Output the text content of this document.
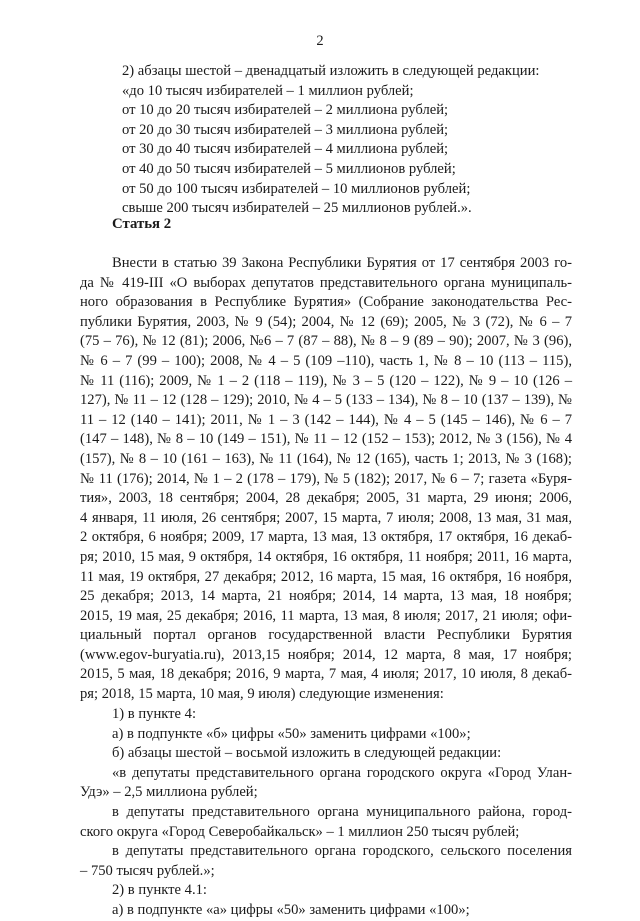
2
2) абзацы шестой – двенадцатый изложить в следующей редакции:
«до 10 тысяч избирателей – 1 миллион рублей;
от 10 до 20 тысяч избирателей – 2 миллиона рублей;
от 20 до 30 тысяч избирателей – 3 миллиона рублей;
от 30 до 40 тысяч избирателей – 4 миллиона рублей;
от 40 до 50 тысяч избирателей – 5 миллионов рублей;
от 50 до 100 тысяч избирателей – 10 миллионов рублей;
свыше 200 тысяч избирателей – 25 миллионов рублей.».
Статья 2
Внести в статью 39 Закона Республики Бурятия от 17 сентября 2003 го-
да № 419-III «О выборах депутатов представительного органа муниципаль-
ного образования в Республике Бурятия» (Собрание законодательства Рес-
публики Бурятия, 2003, № 9 (54); 2004, № 12 (69); 2005, № 3 (72), № 6 – 7
(75 – 76), № 12 (81); 2006, №6 – 7 (87 – 88), № 8 – 9 (89 – 90); 2007, № 3 (96),
№ 6 – 7 (99 – 100); 2008, № 4 – 5 (109 –110), часть 1, № 8 – 10 (113 – 115),
№ 11 (116); 2009, № 1 – 2 (118 – 119), № 3 – 5 (120 – 122), № 9 – 10 (126 –
127), № 11 – 12 (128 – 129); 2010, № 4 – 5 (133 – 134), № 8 – 10 (137 – 139), №
11 – 12 (140 – 141); 2011, № 1 – 3 (142 – 144), № 4 – 5 (145 – 146), № 6 – 7
(147 – 148), № 8 – 10 (149 – 151), № 11 – 12 (152 – 153); 2012, № 3 (156), № 4
(157), № 8 – 10 (161 – 163), № 11 (164), № 12 (165), часть 1; 2013, № 3 (168);
№ 11 (176); 2014, № 1 – 2 (178 – 179), № 5 (182); 2017, № 6 – 7; газета «Буря-
тия», 2003, 18 сентября; 2004, 28 декабря; 2005, 31 марта, 29 июня; 2006,
4 января, 11 июля, 26 сентября; 2007, 15 марта, 7 июля; 2008, 13 мая, 31 мая,
2 октября, 6 ноября; 2009, 17 марта, 13 мая, 13 октября, 17 октября, 16 декаб-
ря; 2010, 15 мая, 9 октября, 14 октября, 16 октября, 11 ноября; 2011, 16 марта,
11 мая, 19 октября, 27 декабря; 2012, 16 марта, 15 мая, 16 октября, 16 ноября,
25 декабря; 2013, 14 марта, 21 ноября; 2014, 14 марта, 13 мая, 18 ноября;
2015, 19 мая, 25 декабря; 2016, 11 марта, 13 мая, 8 июля; 2017, 21 июля; офи-
циальный портал органов государственной власти Республики Бурятия
(www.egov-buryatia.ru), 2013,15 ноября; 2014, 12 марта, 8 мая, 17 ноября;
2015, 5 мая, 18 декабря; 2016, 9 марта, 7 мая, 4 июля; 2017, 10 июля, 8 декаб-
ря; 2018, 15 марта, 10 мая, 9 июля) следующие изменения:
1) в пункте 4:
а) в подпункте «б» цифры «50» заменить цифрами «100»;
б) абзацы шестой – восьмой изложить в следующей редакции:
«в депутаты представительного органа городского округа «Город Улан-
Удэ» – 2,5 миллиона рублей;
в депутаты представительного органа муниципального района, город-
ского округа «Город Северобайкальск» – 1 миллион 250 тысяч рублей;
в депутаты представительного органа городского, сельского поселения
– 750 тысяч рублей.»;
2) в пункте 4.1:
а) в подпункте «а» цифры «50» заменить цифрами «100»;
